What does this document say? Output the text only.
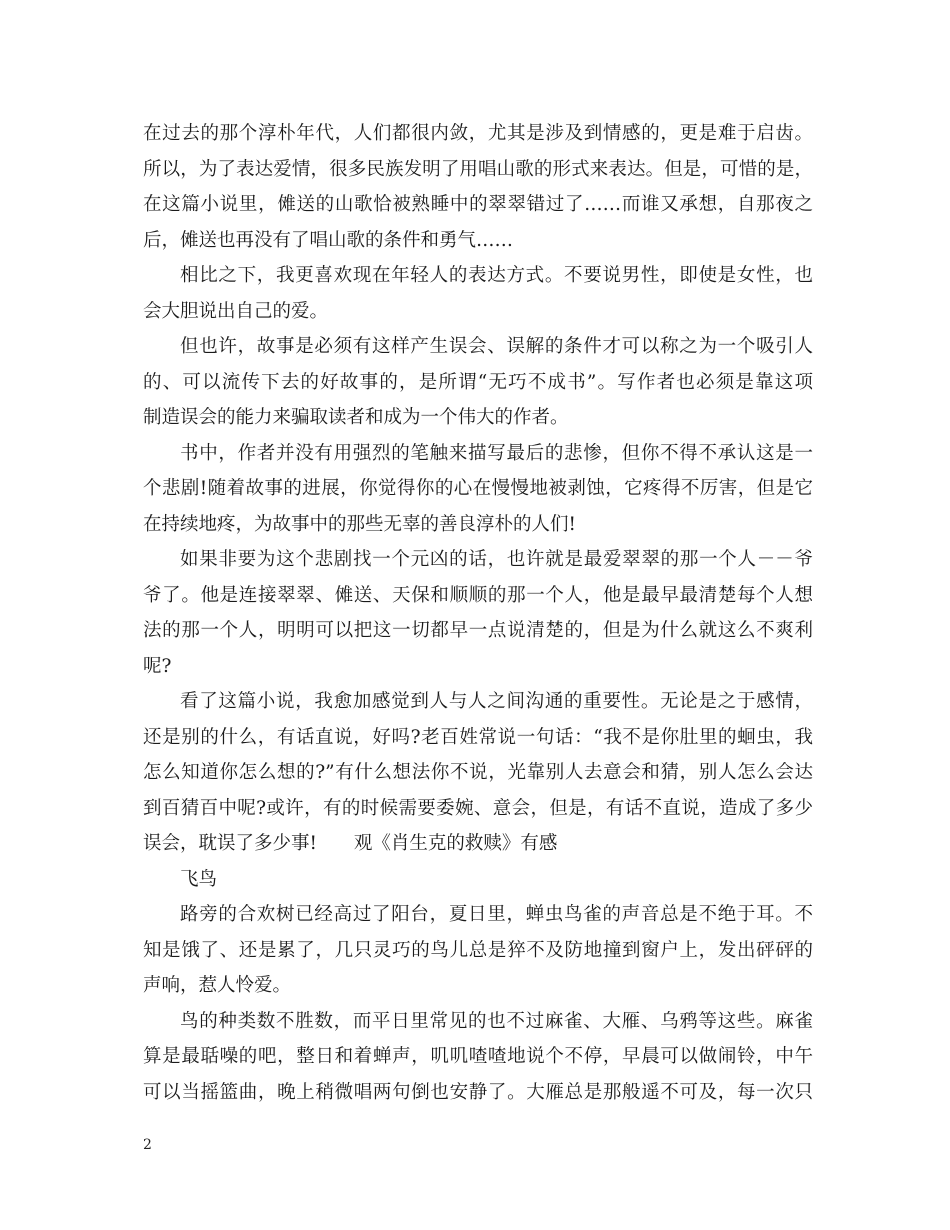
在过去的那个淳朴年代，人们都很内敛，尤其是涉及到情感的，更是难于启齿。
所以，为了表达爱情，很多民族发明了用唱山歌的形式来表达。但是，可惜的是，
在这篇小说里，傩送的山歌恰被熟睡中的翠翠错过了……而谁又承想，自那夜之
后，傩送也再没有了唱山歌的条件和勇气……
相比之下，我更喜欢现在年轻人的表达方式。不要说男性，即使是女性，也
会大胆说出自己的爱。
但也许，故事是必须有这样产生误会、误解的条件才可以称之为一个吸引人
的、可以流传下去的好故事的，是所谓“无巧不成书”。写作者也必须是靠这项
制造误会的能力来骗取读者和成为一个伟大的作者。
书中，作者并没有用强烈的笔触来描写最后的悲惨，但你不得不承认这是一
个悲剧!随着故事的进展，你觉得你的心在慢慢地被剥蚀，它疼得不厉害，但是它
在持续地疼，为故事中的那些无辜的善良淳朴的人们!
如果非要为这个悲剧找一个元凶的话，也许就是最爱翠翠的那一个人－－爷
爷了。他是连接翠翠、傩送、天保和顺顺的那一个人，他是最早最清楚每个人想
法的那一个人，明明可以把这一切都早一点说清楚的，但是为什么就这么不爽利
呢?
看了这篇小说，我愈加感觉到人与人之间沟通的重要性。无论是之于感情，
还是别的什么，有话直说，好吗?老百姓常说一句话：“我不是你肚里的蛔虫，我
怎么知道你怎么想的?”有什么想法你不说，光靠别人去意会和猜，别人怎么会达
到百猜百中呢?或许，有的时候需要委婉、意会，但是，有话不直说，造成了多少
误会，耽误了多少事!　　观《肖生克的救赎》有感
飞鸟
路旁的合欢树已经高过了阳台，夏日里，蝉虫鸟雀的声音总是不绝于耳。不
知是饿了、还是累了，几只灵巧的鸟儿总是猝不及防地撞到窗户上，发出砰砰的
声响，惹人怜爱。
鸟的种类数不胜数，而平日里常见的也不过麻雀、大雁、乌鸦等这些。麻雀
算是最聒噪的吧，整日和着蝉声，叽叽喳喳地说个不停，早晨可以做闹铃，中午
可以当摇篮曲，晚上稍微唱两句倒也安静了。大雁总是那般遥不可及，每一次只
2
